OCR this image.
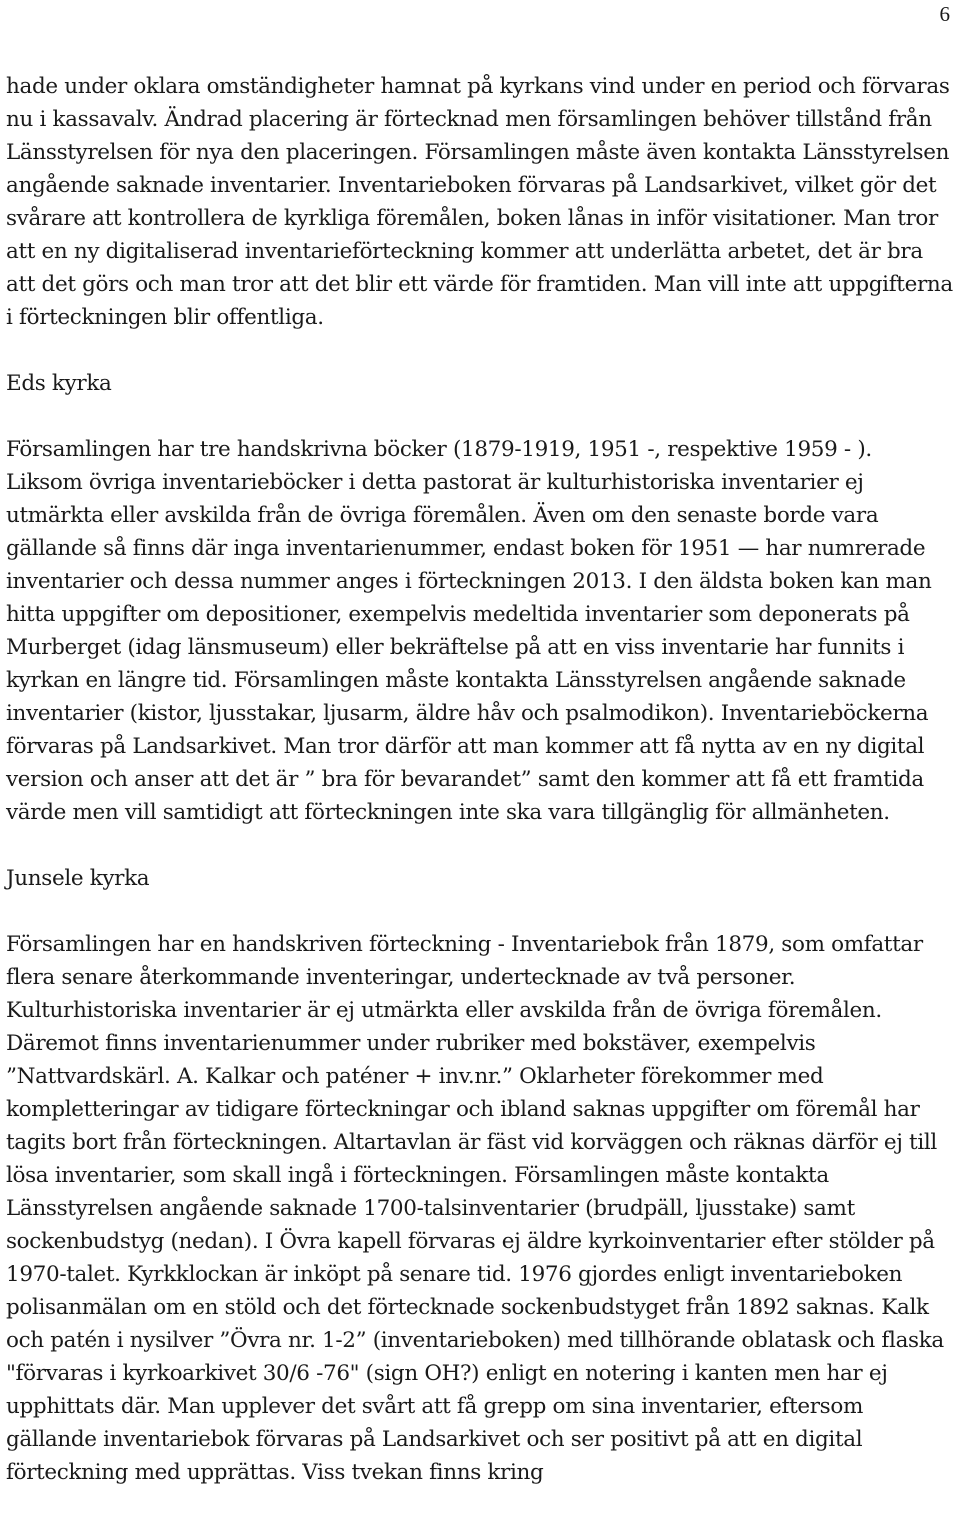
6

hade under oklara omständigheter hamnat på kyrkans vind under en period och förvaras nu i kassavalv. Ändrad placering är förtecknad men församlingen behöver tillstånd från Länsstyrelsen för nya den placeringen. Församlingen måste även kontakta Länsstyrelsen angående saknade inventarier. Inventarieboken förvaras på Landsarkivet, vilket gör det svårare att kontrollera de kyrkliga föremålen, boken lånas in inför visitationer. Man tror att en ny digitaliserad inventarieförteckning kommer att underlätta arbetet, det är bra att det görs och man tror att det blir ett värde för framtiden. Man vill inte att uppgifterna i förteckningen blir offentliga.

Eds kyrka

Församlingen har tre handskrivna böcker (1879-1919, 1951 -, respektive 1959 - ). Liksom övriga inventarieböcker i detta pastorat är kulturhistoriska inventarier ej utmärkta eller avskilda från de övriga föremålen. Även om den senaste borde vara gällande så finns där inga inventarienummer, endast boken för 1951 — har numrerade inventarier och dessa nummer anges i förteckningen 2013. I den äldsta boken kan man hitta uppgifter om depositioner, exempelvis medeltida inventarier som deponerats på Murberget (idag länsmuseum) eller bekräftelse på att en viss inventarie har funnits i kyrkan en längre tid. Församlingen måste kontakta Länsstyrelsen angående saknade inventarier (kistor, ljusstakar, ljusarm, äldre håv och psalmodikon). Inventarieböckerna förvaras på Landsarkivet. Man tror därför att man kommer att få nytta av en ny digital version och anser att det är ” bra för bevarandet” samt den kommer att få ett framtida värde men vill samtidigt att förteckningen inte ska vara tillgänglig för allmänheten.

Junsele kyrka

Församlingen har en handskriven förteckning - Inventariebok från 1879, som omfattar flera senare återkommande inventeringar, undertecknade av två personer. Kulturhistoriska inventarier är ej utmärkta eller avskilda från de övriga föremålen. Däremot finns inventarienummer under rubriker med bokstäver, exempelvis ”Nattvardskärl. A. Kalkar och paténer + inv.nr.” Oklarheter förekommer med kompletteringar av tidigare förteckningar och ibland saknas uppgifter om föremål har tagits bort från förteckningen. Altartavlan är fäst vid korväggen och räknas därför ej till lösa inventarier, som skall ingå i förteckningen. Församlingen måste kontakta Länsstyrelsen angående saknade 1700-talsinventarier (brudpäll, ljusstake) samt sockenbudstyg (nedan). I Övra kapell förvaras ej äldre kyrkoinventarier efter stölder på 1970-talet. Kyrkklockan är inköpt på senare tid. 1976 gjordes enligt inventarieboken polisanmälan om en stöld och det förtecknade sockenbudstyget från 1892 saknas. Kalk och patén i nysilver ”Övra nr. 1-2” (inventarieboken) med tillhörande oblatask och flaska "förvaras i kyrkoarkivet 30/6 -76" (sign OH?) enligt en notering i kanten men har ej upphittats där. Man upplever det svårt att få grepp om sina inventarier, eftersom gällande inventariebok förvaras på Landsarkivet och ser positivt på att en digital förteckning med upprättas. Viss tvekan finns kring
